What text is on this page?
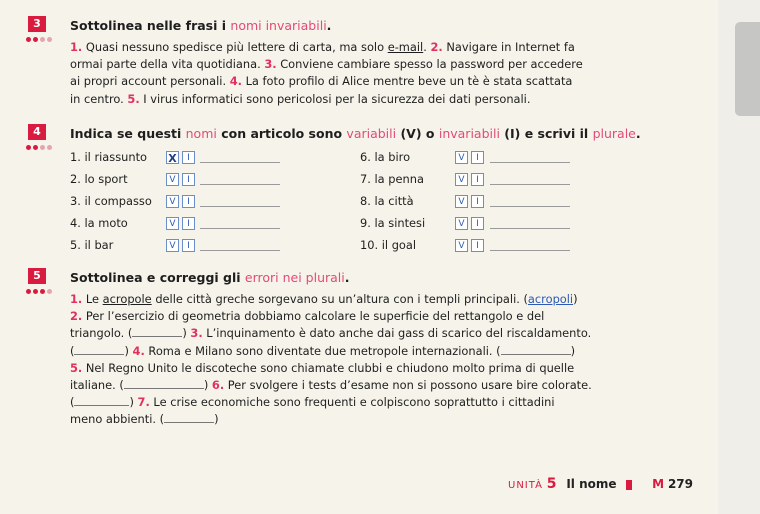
3	Sottolinea nelle frasi i nomi invariabili.
1. Quasi nessuno spedisce più lettere di carta, ma solo e-mail. 2. Navigare in Internet fa
ormai parte della vita quotidiana. 3. Conviene cambiare spesso la password per accedere
ai propri account personali. 4. La foto profilo di Alice mentre beve un tè è stata scattata
in centro. 5. I virus informatici sono pericolosi per la sicurezza dei dati personali.
4	Indica se questi nomi con articolo sono variabili (V) o invariabili (I) e scrivi il plurale.
1. il riassunto X	I
2. lo sport	V	I
3. il compasso	V	I
4. la moto	V	I
5. il bar	V	I
6. la biro	V	I
7. la penna	V	I
8. la città	V	I
9. la sintesi	V	I
10. il goal	V	I
5	Sottolinea e correggi gli errori nei plurali.
1. Le acropole delle città greche sorgevano su un’altura con i templi principali. (acropoli)
2. Per l’esercizio di geometria dobbiamo calcolare le superficie del rettangolo e del
triangolo. (	) 3. L’inquinamento è dato anche dai gass di scarico del riscaldamento.
(	) 4. Roma e Milano sono diventate due metropole internazionali. (	)
5. Nel Regno Unito le discoteche sono chiamate clubbi e chiudono molto prima di quelle
italiane. (	) 6. Per svolgere i tests d’esame non si possono usare bire colorate.
(	) 7. Le crise economiche sono frequenti e colpiscono soprattutto i cittadini
meno abbienti. (	)
UNITÀ 5 Il nome	M 279
